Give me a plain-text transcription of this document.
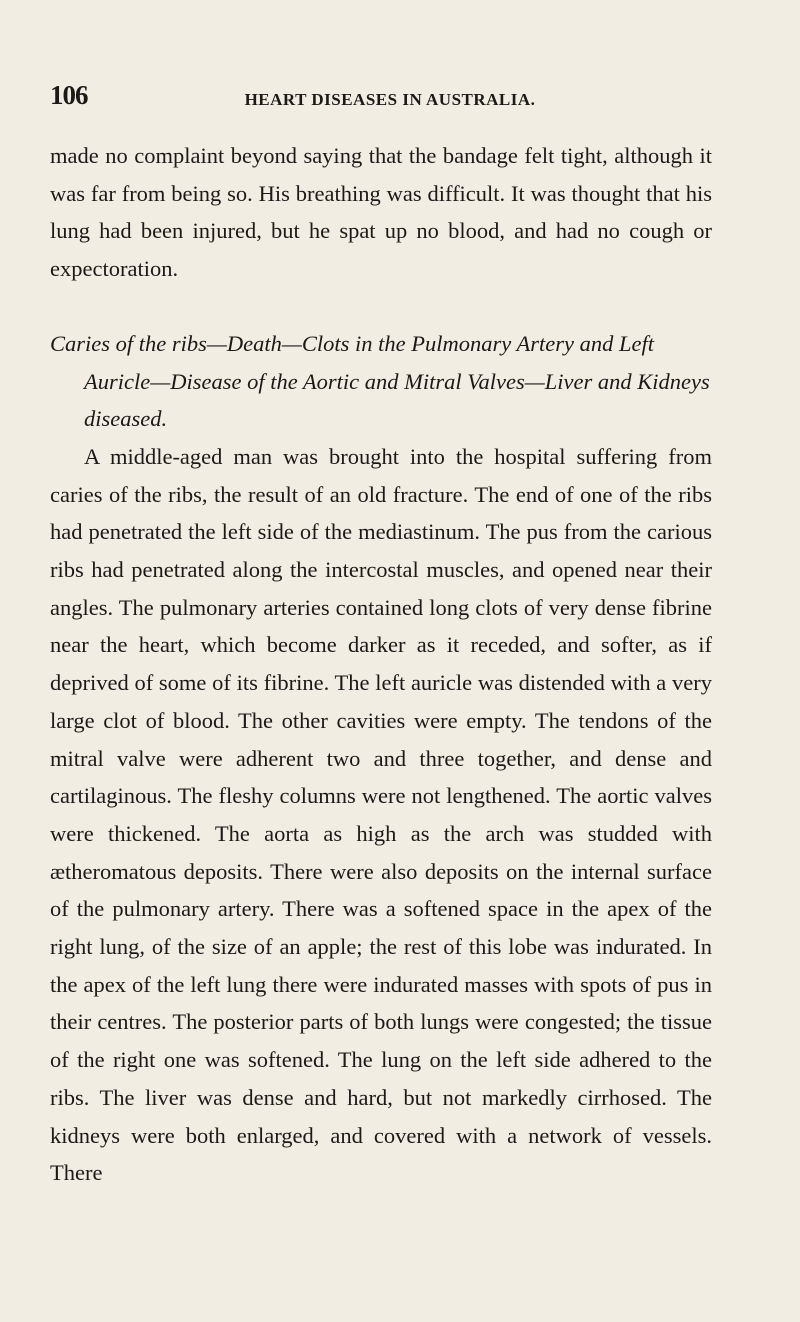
106	HEART DISEASES IN AUSTRALIA.

made no complaint beyond saying that the bandage felt tight, although it was far from being so. His breathing was difficult. It was thought that his lung had been injured, but he spat up no blood, and had no cough or expectoration.

Caries of the ribs—Death—Clots in the Pulmonary Artery and Left Auricle—Disease of the Aortic and Mitral Valves—Liver and Kidneys diseased.

A middle-aged man was brought into the hospital suffering from caries of the ribs, the result of an old fracture. The end of one of the ribs had penetrated the left side of the mediastinum. The pus from the carious ribs had penetrated along the intercostal muscles, and opened near their angles. The pulmonary arteries contained long clots of very dense fibrine near the heart, which become darker as it receded, and softer, as if deprived of some of its fibrine. The left auricle was distended with a very large clot of blood. The other cavities were empty. The tendons of the mitral valve were adherent two and three together, and dense and cartilaginous. The fleshy columns were not lengthened. The aortic valves were thickened. The aorta as high as the arch was studded with ætheromatous deposits. There were also deposits on the internal surface of the pulmonary artery. There was a softened space in the apex of the right lung, of the size of an apple; the rest of this lobe was indurated. In the apex of the left lung there were indurated masses with spots of pus in their centres. The posterior parts of both lungs were congested; the tissue of the right one was softened. The lung on the left side adhered to the ribs. The liver was dense and hard, but not markedly cirrhosed. The kidneys were both enlarged, and covered with a network of vessels. There
